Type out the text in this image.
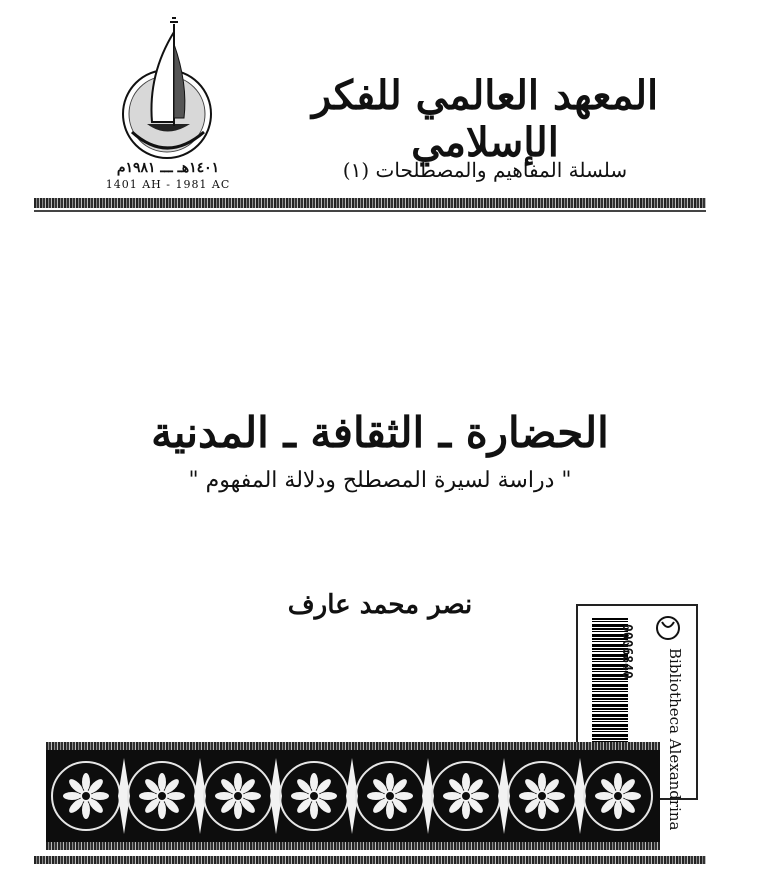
١٤٠١هـ ـــ ١٩٨١م
1401 AH - 1981 AC
المعهد العالمي للفكر الإسلامي
سلسلة المفاهيم والمصطلحات (١)
الحضارة ـ الثقافة ـ المدنية
" دراسة لسيرة المصطلح ودلالة المفهوم "
نصر محمد عارف
0006840 Bibliotheca Alexandrina
